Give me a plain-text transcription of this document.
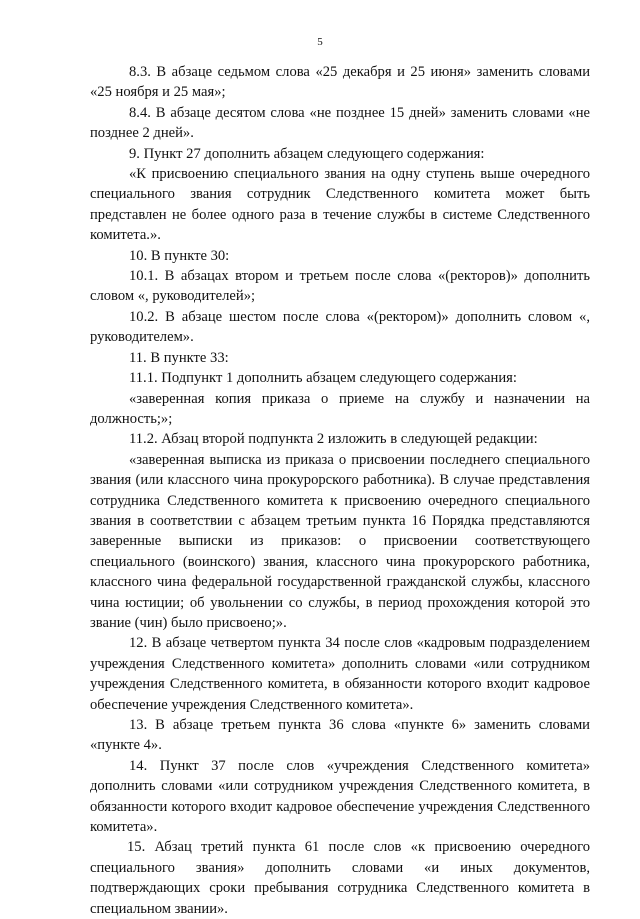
5

8.3. В абзаце седьмом слова «25 декабря и 25 июня» заменить словами «25 ноября и 25 мая»;

8.4. В абзаце десятом слова «не позднее 15 дней» заменить словами «не позднее 2 дней».

9. Пункт 27 дополнить абзацем следующего содержания:

«К присвоению специального звания на одну ступень выше очередного специального звания сотрудник Следственного комитета может быть представлен не более одного раза в течение службы в системе Следственного комитета.».

10. В пункте 30:

10.1. В абзацах втором и третьем после слова «(ректоров)» дополнить словом «, руководителей»;

10.2. В абзаце шестом после слова «(ректором)» дополнить словом «, руководителем».

11. В пункте 33:

11.1. Подпункт 1 дополнить абзацем следующего содержания:

«заверенная копия приказа о приеме на службу и назначении на должность;»;

11.2. Абзац второй подпункта 2 изложить в следующей редакции:

«заверенная выписка из приказа о присвоении последнего специального звания (или классного чина прокурорского работника). В случае представления сотрудника Следственного комитета к присвоению очередного специального звания в соответствии с абзацем третьим пункта 16 Порядка представляются заверенные выписки из приказов: о присвоении соответствующего специального (воинского) звания, классного чина прокурорского работника, классного чина федеральной государственной гражданской службы, классного чина юстиции; об увольнении со службы, в период прохождения которой это звание (чин) было присвоено;».

12. В абзаце четвертом пункта 34 после слов «кадровым подразделением учреждения Следственного комитета» дополнить словами «или сотрудником учреждения Следственного комитета, в обязанности которого входит кадровое обеспечение учреждения Следственного комитета».

13. В абзаце третьем пункта 36 слова «пункте 6» заменить словами «пункте 4».

14. Пункт 37 после слов «учреждения Следственного комитета» дополнить словами «или сотрудником учреждения Следственного комитета, в обязанности которого входит кадровое обеспечение учреждения Следственного комитета».

15. Абзац третий пункта 61 после слов «к присвоению очередного специального звания» дополнить словами «и иных документов, подтверждающих сроки пребывания сотрудника Следственного комитета в специальном звании».
